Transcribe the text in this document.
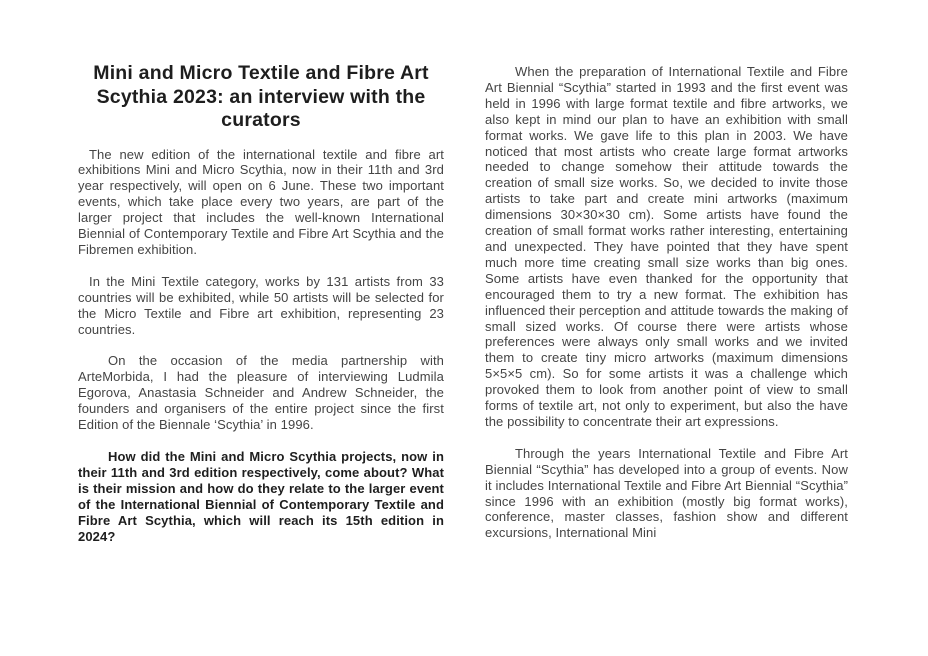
Mini and Micro Textile and Fibre Art Scythia 2023: an interview with the curators

The new edition of the international textile and fibre art exhibitions Mini and Micro Scythia, now in their 11th and 3rd year respectively, will open on 6 June. These two important events, which take place every two years, are part of the larger project that includes the well-known International Biennial of Contemporary Textile and Fibre Art Scythia and the Fibremen exhibition.

In the Mini Textile category, works by 131 artists from 33 countries will be exhibited, while 50 artists will be selected for the Micro Textile and Fibre art exhibition, representing 23 countries.

On the occasion of the media partnership with ArteMorbida, I had the pleasure of interviewing Ludmila Egorova, Anastasia Schneider and Andrew Schneider, the founders and organisers of the entire project since the first Edition of the Biennale ‘Scythia’ in 1996.

How did the Mini and Micro Scythia projects, now in their 11th and 3rd edition respectively, come about? What is their mission and how do they relate to the larger event of the International Biennial of Contemporary Textile and Fibre Art Scythia, which will reach its 15th edition in 2024?

When the preparation of International Textile and Fibre Art Biennial “Scythia” started in 1993 and the first event was held in 1996 with large format textile and fibre artworks, we also kept in mind our plan to have an exhibition with small format works. We gave life to this plan in 2003. We have noticed that most artists who create large format artworks needed to change somehow their attitude towards the creation of small size works. So, we decided to invite those artists to take part and create mini artworks (maximum dimensions 30×30×30 cm). Some artists have found the creation of small format works rather interesting, entertaining and unexpected. They have pointed that they have spent much more time creating small size works than big ones. Some artists have even thanked for the opportunity that encouraged them to try a new format. The exhibition has influenced their perception and attitude towards the making of small sized works. Of course there were artists whose preferences were always only small works and we invited them to create tiny micro artworks (maximum dimensions 5×5×5 cm). So for some artists it was a challenge which provoked them to look from another point of view to small forms of textile art, not only to experiment, but also the have the possibility to concentrate their art expressions.

Through the years International Textile and Fibre Art Biennial “Scythia” has developed into a group of events. Now it includes International Textile and Fibre Art Biennial “Scythia” since 1996 with an exhibition (mostly big format works), conference, master classes, fashion show and different excursions, International Mini
